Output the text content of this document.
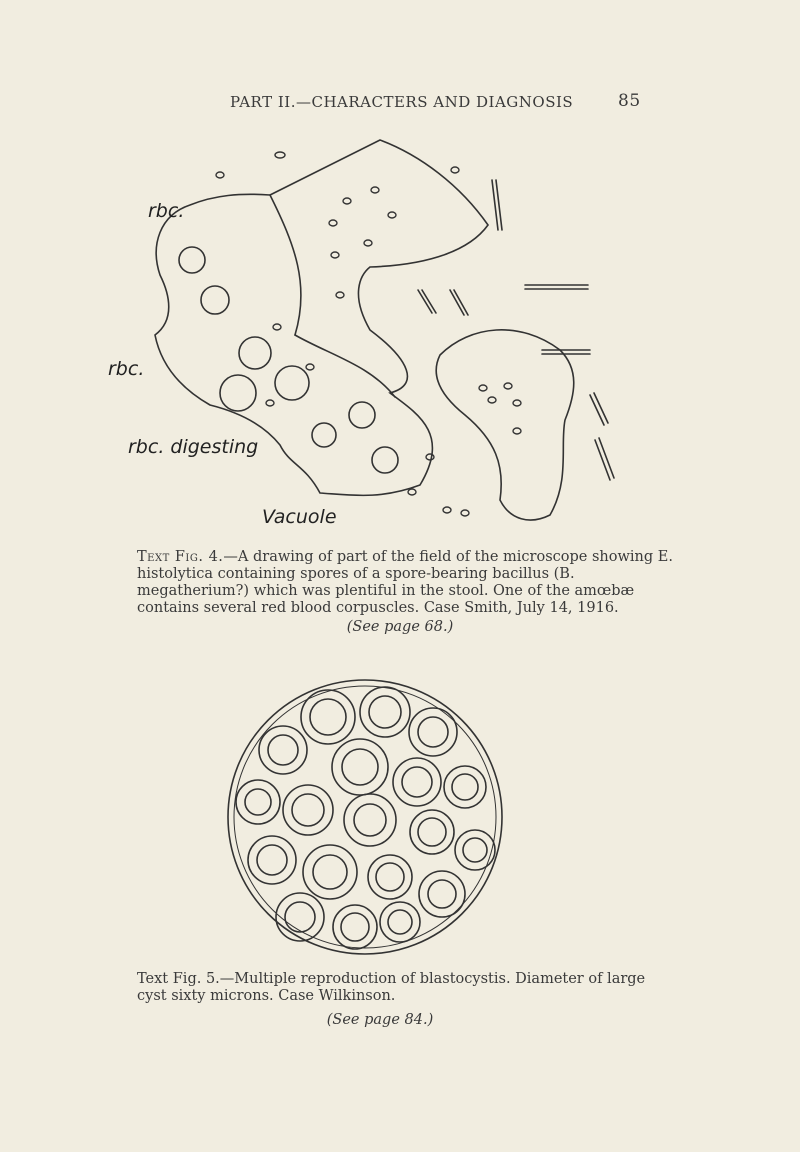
PART II.—CHARACTERS AND DIAGNOSIS	85
rbc.
rbc.
rbc. digesting
Vacuole
Text Fig. 4.—A drawing of part of the field of the microscope showing E. histolytica containing spores of a spore-bearing bacillus (B. megatherium?) which was plentiful in the stool. One of the amœbæ contains several red blood corpuscles. Case Smith, July 14, 1916.
(See page 68.)
Text Fig. 5.—Multiple reproduction of blastocystis. Diameter of large cyst sixty microns. Case Wilkinson.
(See page 84.)
